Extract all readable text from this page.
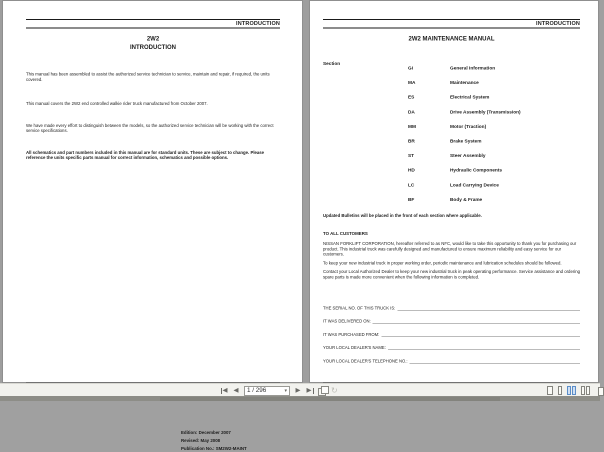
INTRODUCTION
2W2
INTRODUCTION

This manual has been assembled to assist the authorized service technician to service, maintain and repair, if required, the units covered.

This manual covers the 2W2 end controlled walkie rider truck manufactured from October 2007.

We have made every effort to distinguish between the models, so the authorized service technician will be working with the correct service specifications.

All schematics and part numbers included in this manual are for standard units. These are subject to change. Please reference the units specific parts manual for correct information, schematics and possible options.

Edition: December 2007
Revised: May 2008
Publication No.: SM2W2-MAINT
INTRODUCTION
2W2 MAINTENANCE MANUAL
Section
GI	General Information
MA	Maintenance
ES	Electrical System
DA	Drive Assembly (Transmission)
MM	Motor (Traction)
BR	Brake System
ST	Steer Assembly
HD	Hydraulic Components
LC	Load Carrying Device
BF	Body & Frame
Updated Bulletins will be placed in the front of each section where applicable.
TO ALL CUSTOMERS

NISSAN FORKLIFT CORPORATION, hereafter referred to as NFC, would like to take this opportunity to thank you for purchasing our product. This industrial truck was carefully designed and manufactured to ensure maximum reliability and easy service for our customers.

To keep your new industrial truck in proper working order, periodic maintenance and lubrication schedules should be followed.

Contact your Local Authorized Dealer to keep your new industrial truck in peak operating performance. Service assistance and ordering spare parts is made more convenient when the following information is completed.

THE SERIAL NO. OF THIS TRUCK IS:
IT WAS DELIVERED ON:
IT WAS PURCHASED FROM:
YOUR LOCAL DEALER'S NAME:
YOUR LOCAL DEALER'S TELEPHONE NO.:
◀ ◀ 1 / 296	▾ ▶ ▶ ↻
